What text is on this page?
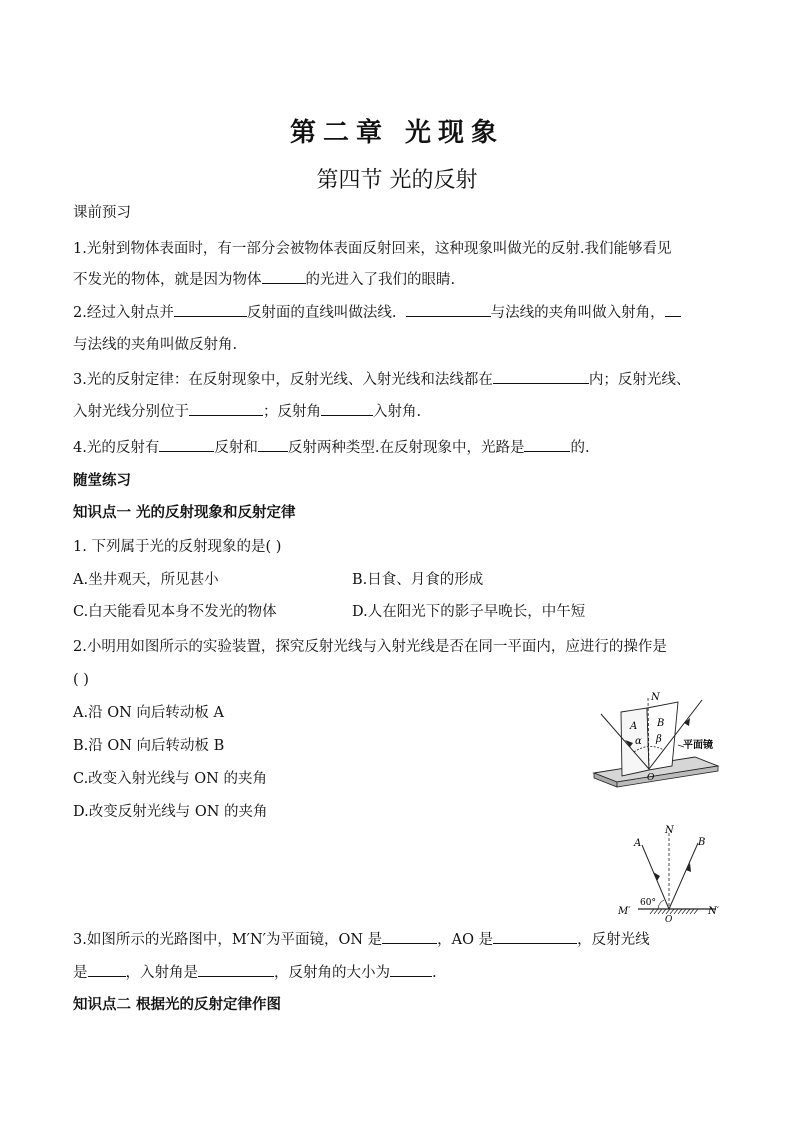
第二章 光现象
第四节 光的反射
课前预习
1.光射到物体表面时，有一部分会被物体表面反射回来，这种现象叫做光的反射.我们能够看见
不发光的物体，就是因为物体	的光进入了我们的眼睛.
2.经过入射点并	反射面的直线叫做法线.	与法线的夹角叫做入射角，
与法线的夹角叫做反射角.
3.光的反射定律：在反射现象中，反射光线、入射光线和法线都在	内；反射光线、
入射光线分别位于	；反射角	入射角.
4.光的反射有	反射和 反射两种类型.在反射现象中，光路是	的.
随堂练习
知识点一 光的反射现象和反射定律
1. 下列属于光的反射现象的是( )
A.坐井观天，所见甚小	B.日食、月食的形成
C.白天能看见本身不发光的物体	D.人在阳光下的影子早晚长，中午短
2.小明用如图所示的实验装置，探究反射光线与入射光线是否在同一平面内，应进行的操作是
( )
A.沿 ON 向后转动板 A
B.沿 ON 向后转动板 B
C.改变入射光线与 ON 的夹角
D.改变反射光线与 ON 的夹角
N
A B
α β
O
平面镜
A
N
B
M′	N′
O
60°
3.如图所示的光路图中，M′N′为平面镜，ON 是	，AO 是	，反射光线
是	，入射角是	，反射角的大小为	.
知识点二 根据光的反射定律作图
